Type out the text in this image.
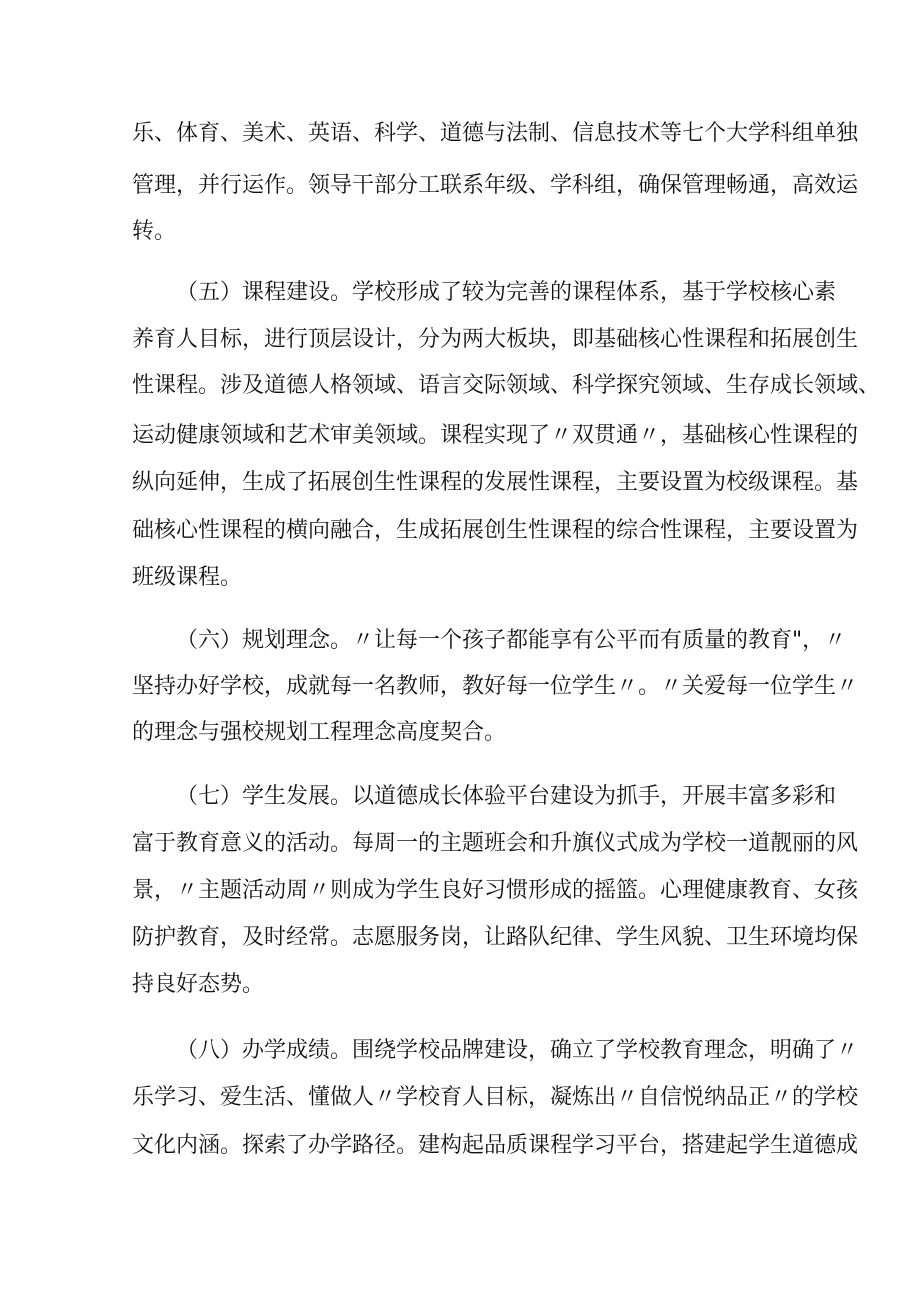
乐、体育、美术、英语、科学、道德与法制、信息技术等七个大学科组单独
管理，并行运作。领导干部分工联系年级、学科组，确保管理畅通，高效运
转。
（五）课程建设。学校形成了较为完善的课程体系，基于学校核心素
养育人目标，进行顶层设计，分为两大板块，即基础核心性课程和拓展创生
性课程。涉及道德人格领域、语言交际领域、科学探究领域、生存成长领域、
运动健康领域和艺术审美领域。课程实现了〃双贯通〃，基础核心性课程的
纵向延伸，生成了拓展创生性课程的发展性课程，主要设置为校级课程。基
础核心性课程的横向融合，生成拓展创生性课程的综合性课程，主要设置为
班级课程。
（六）规划理念。〃让每一个孩子都能享有公平而有质量的教育"，〃
坚持办好学校，成就每一名教师，教好每一位学生〃。〃关爱每一位学生〃
的理念与强校规划工程理念高度契合。
（七）学生发展。以道德成长体验平台建设为抓手，开展丰富多彩和
富于教育意义的活动。每周一的主题班会和升旗仪式成为学校一道靓丽的风
景，〃主题活动周〃则成为学生良好习惯形成的摇篮。心理健康教育、女孩
防护教育，及时经常。志愿服务岗，让路队纪律、学生风貌、卫生环境均保
持良好态势。
（八）办学成绩。围绕学校品牌建设，确立了学校教育理念，明确了〃
乐学习、爱生活、懂做人〃学校育人目标，凝炼出〃自信悦纳品正〃的学校
文化内涵。探索了办学路径。建构起品质课程学习平台，搭建起学生道德成
